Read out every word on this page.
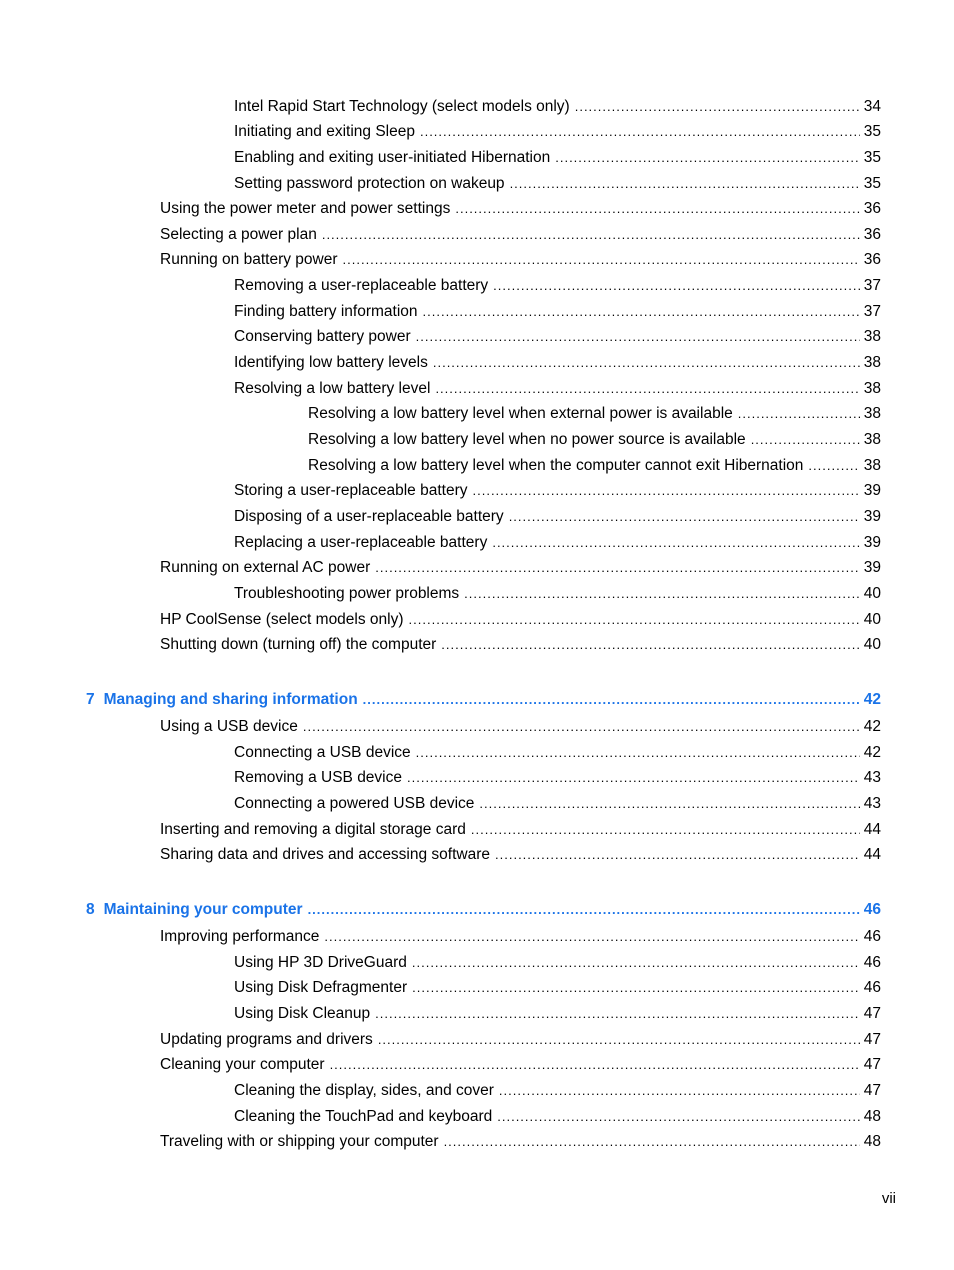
Intel Rapid Start Technology (select models only) .....	34
Initiating and exiting Sleep .....	35
Enabling and exiting user-initiated Hibernation .....	35
Setting password protection on wakeup .....	35
Using the power meter and power settings .....	36
Selecting a power plan .....	36
Running on battery power .....	36
Removing a user-replaceable battery .....	37
Finding battery information .....	37
Conserving battery power .....	38
Identifying low battery levels .....	38
Resolving a low battery level .....	38
Resolving a low battery level when external power is available .....	38
Resolving a low battery level when no power source is available .....	38
Resolving a low battery level when the computer cannot exit Hibernation .....	38
Storing a user-replaceable battery .....	39
Disposing of a user-replaceable battery .....	39
Replacing a user-replaceable battery .....	39
Running on external AC power .....	39
Troubleshooting power problems .....	40
HP CoolSense (select models only) .....	40
Shutting down (turning off) the computer .....	40
7 Managing and sharing information .....	42
Using a USB device .....	42
Connecting a USB device .....	42
Removing a USB device .....	43
Connecting a powered USB device .....	43
Inserting and removing a digital storage card .....	44
Sharing data and drives and accessing software .....	44
8 Maintaining your computer .....	46
Improving performance .....	46
Using HP 3D DriveGuard .....	46
Using Disk Defragmenter .....	46
Using Disk Cleanup .....	47
Updating programs and drivers .....	47
Cleaning your computer .....	47
Cleaning the display, sides, and cover .....	47
Cleaning the TouchPad and keyboard .....	48
Traveling with or shipping your computer .....	48
vii
